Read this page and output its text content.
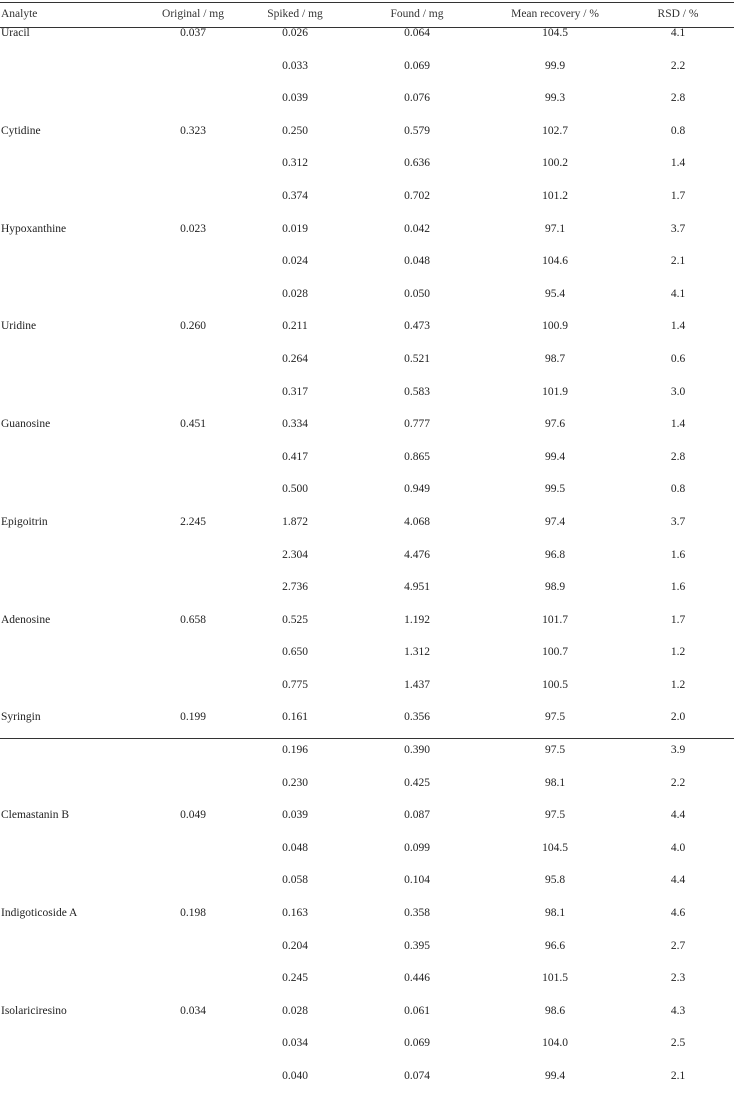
Analyte	Original / mg	Spiked / mg	Found / mg	Mean recovery / %	RSD / %
Uracil	0.037	0.026	0.064	104.5	4.1
		0.033	0.069	99.9	2.2
		0.039	0.076	99.3	2.8
Cytidine	0.323	0.250	0.579	102.7	0.8
		0.312	0.636	100.2	1.4
		0.374	0.702	101.2	1.7
Hypoxanthine	0.023	0.019	0.042	97.1	3.7
		0.024	0.048	104.6	2.1
		0.028	0.050	95.4	4.1
Uridine	0.260	0.211	0.473	100.9	1.4
		0.264	0.521	98.7	0.6
		0.317	0.583	101.9	3.0
Guanosine	0.451	0.334	0.777	97.6	1.4
		0.417	0.865	99.4	2.8
		0.500	0.949	99.5	0.8
Epigoitrin	2.245	1.872	4.068	97.4	3.7
		2.304	4.476	96.8	1.6
		2.736	4.951	98.9	1.6
Adenosine	0.658	0.525	1.192	101.7	1.7
		0.650	1.312	100.7	1.2
		0.775	1.437	100.5	1.2
Syringin	0.199	0.161	0.356	97.5	2.0
		0.196	0.390	97.5	3.9
		0.230	0.425	98.1	2.2
Clemastanin B	0.049	0.039	0.087	97.5	4.4
		0.048	0.099	104.5	4.0
		0.058	0.104	95.8	4.4
Indigoticoside A	0.198	0.163	0.358	98.1	4.6
		0.204	0.395	96.6	2.7
		0.245	0.446	101.5	2.3
Isolariciresino	0.034	0.028	0.061	98.6	4.3
		0.034	0.069	104.0	2.5
		0.040	0.074	99.4	2.1
